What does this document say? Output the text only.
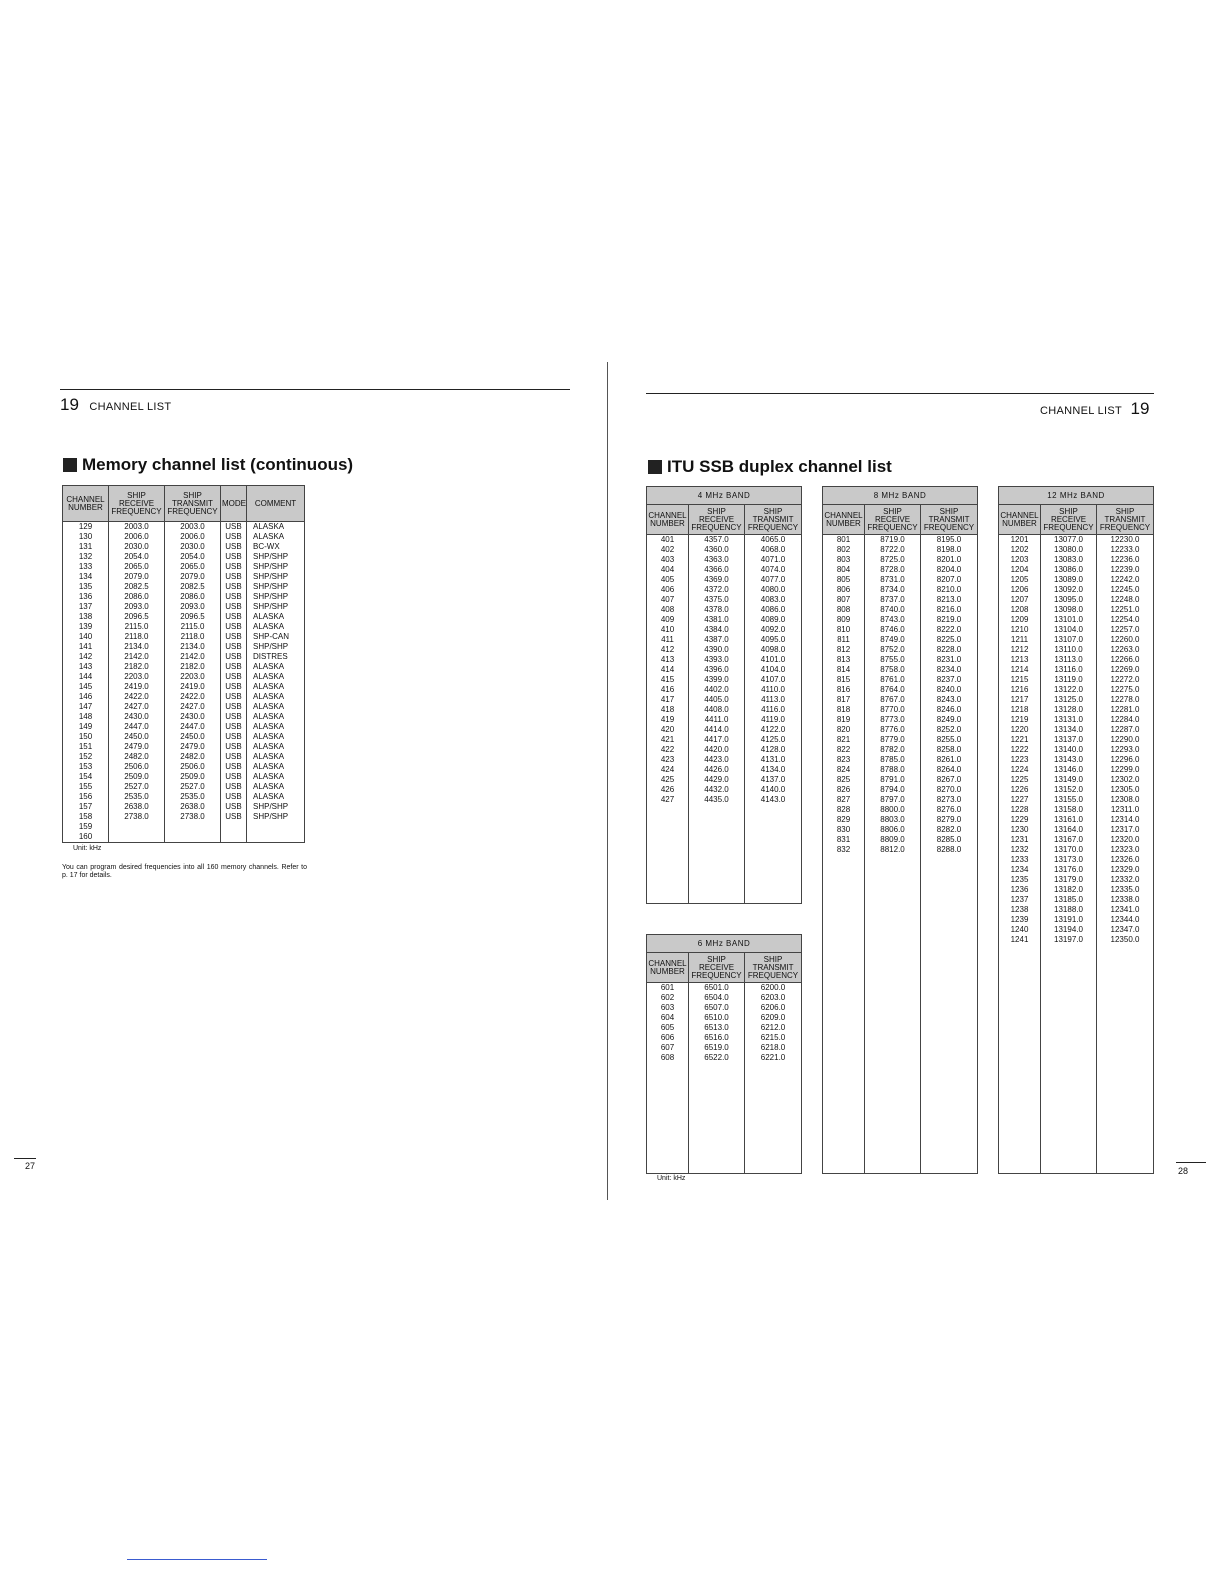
19 CHANNEL LIST
Memory channel list (continuous)
CHANNEL NUMBER	SHIP RECEIVE FREQUENCY	SHIP TRANSMIT FREQUENCY	MODE	COMMENT
129	2003.0	2003.0	USB	ALASKA
130	2006.0	2006.0	USB	ALASKA
131	2030.0	2030.0	USB	BC-WX
132	2054.0	2054.0	USB	SHP/SHP
133	2065.0	2065.0	USB	SHP/SHP
134	2079.0	2079.0	USB	SHP/SHP
135	2082.5	2082.5	USB	SHP/SHP
136	2086.0	2086.0	USB	SHP/SHP
137	2093.0	2093.0	USB	SHP/SHP
138	2096.5	2096.5	USB	ALASKA
139	2115.0	2115.0	USB	ALASKA
140	2118.0	2118.0	USB	SHP-CAN
141	2134.0	2134.0	USB	SHP/SHP
142	2142.0	2142.0	USB	DISTRES
143	2182.0	2182.0	USB	ALASKA
144	2203.0	2203.0	USB	ALASKA
145	2419.0	2419.0	USB	ALASKA
146	2422.0	2422.0	USB	ALASKA
147	2427.0	2427.0	USB	ALASKA
148	2430.0	2430.0	USB	ALASKA
149	2447.0	2447.0	USB	ALASKA
150	2450.0	2450.0	USB	ALASKA
151	2479.0	2479.0	USB	ALASKA
152	2482.0	2482.0	USB	ALASKA
153	2506.0	2506.0	USB	ALASKA
154	2509.0	2509.0	USB	ALASKA
155	2527.0	2527.0	USB	ALASKA
156	2535.0	2535.0	USB	ALASKA
157	2638.0	2638.0	USB	SHP/SHP
158	2738.0	2738.0	USB	SHP/SHP
159				
160				
Unit: kHz
You can program desired frequencies into all 160 memory channels. Refer to p. 17 for details.
27
CHANNEL LIST 19
ITU SSB duplex channel list
4 MHz BAND		
CHANNEL NUMBER	SHIP RECEIVE FREQUENCY	SHIP TRANSMIT FREQUENCY
401	4357.0	4065.0
402	4360.0	4068.0
403	4363.0	4071.0
404	4366.0	4074.0
405	4369.0	4077.0
406	4372.0	4080.0
407	4375.0	4083.0
408	4378.0	4086.0
409	4381.0	4089.0
410	4384.0	4092.0
411	4387.0	4095.0
412	4390.0	4098.0
413	4393.0	4101.0
414	4396.0	4104.0
415	4399.0	4107.0
416	4402.0	4110.0
417	4405.0	4113.0
418	4408.0	4116.0
419	4411.0	4119.0
420	4414.0	4122.0
421	4417.0	4125.0
422	4420.0	4128.0
423	4423.0	4131.0
424	4426.0	4134.0
425	4429.0	4137.0
426	4432.0	4140.0
427	4435.0	4143.0

6 MHz BAND		
CHANNEL NUMBER	SHIP RECEIVE FREQUENCY	SHIP TRANSMIT FREQUENCY
601	6501.0	6200.0
602	6504.0	6203.0
603	6507.0	6206.0
604	6510.0	6209.0
605	6513.0	6212.0
606	6516.0	6215.0
607	6519.0	6218.0
608	6522.0	6221.0

8 MHz BAND		
CHANNEL NUMBER	SHIP RECEIVE FREQUENCY	SHIP TRANSMIT FREQUENCY
801	8719.0	8195.0
802	8722.0	8198.0
803	8725.0	8201.0
804	8728.0	8204.0
805	8731.0	8207.0
806	8734.0	8210.0
807	8737.0	8213.0
808	8740.0	8216.0
809	8743.0	8219.0
810	8746.0	8222.0
811	8749.0	8225.0
812	8752.0	8228.0
813	8755.0	8231.0
814	8758.0	8234.0
815	8761.0	8237.0
816	8764.0	8240.0
817	8767.0	8243.0
818	8770.0	8246.0
819	8773.0	8249.0
820	8776.0	8252.0
821	8779.0	8255.0
822	8782.0	8258.0
823	8785.0	8261.0
824	8788.0	8264.0
825	8791.0	8267.0
826	8794.0	8270.0
827	8797.0	8273.0
828	8800.0	8276.0
829	8803.0	8279.0
830	8806.0	8282.0
831	8809.0	8285.0
832	8812.0	8288.0

12 MHz BAND		
CHANNEL NUMBER	SHIP RECEIVE FREQUENCY	SHIP TRANSMIT FREQUENCY
1201	13077.0	12230.0
1202	13080.0	12233.0
1203	13083.0	12236.0
1204	13086.0	12239.0
1205	13089.0	12242.0
1206	13092.0	12245.0
1207	13095.0	12248.0
1208	13098.0	12251.0
1209	13101.0	12254.0
1210	13104.0	12257.0
1211	13107.0	12260.0
1212	13110.0	12263.0
1213	13113.0	12266.0
1214	13116.0	12269.0
1215	13119.0	12272.0
1216	13122.0	12275.0
1217	13125.0	12278.0
1218	13128.0	12281.0
1219	13131.0	12284.0
1220	13134.0	12287.0
1221	13137.0	12290.0
1222	13140.0	12293.0
1223	13143.0	12296.0
1224	13146.0	12299.0
1225	13149.0	12302.0
1226	13152.0	12305.0
1227	13155.0	12308.0
1228	13158.0	12311.0
1229	13161.0	12314.0
1230	13164.0	12317.0
1231	13167.0	12320.0
1232	13170.0	12323.0
1233	13173.0	12326.0
1234	13176.0	12329.0
1235	13179.0	12332.0
1236	13182.0	12335.0
1237	13185.0	12338.0
1238	13188.0	12341.0
1239	13191.0	12344.0
1240	13194.0	12347.0
1241	13197.0	12350.0

Unit: kHz
28
